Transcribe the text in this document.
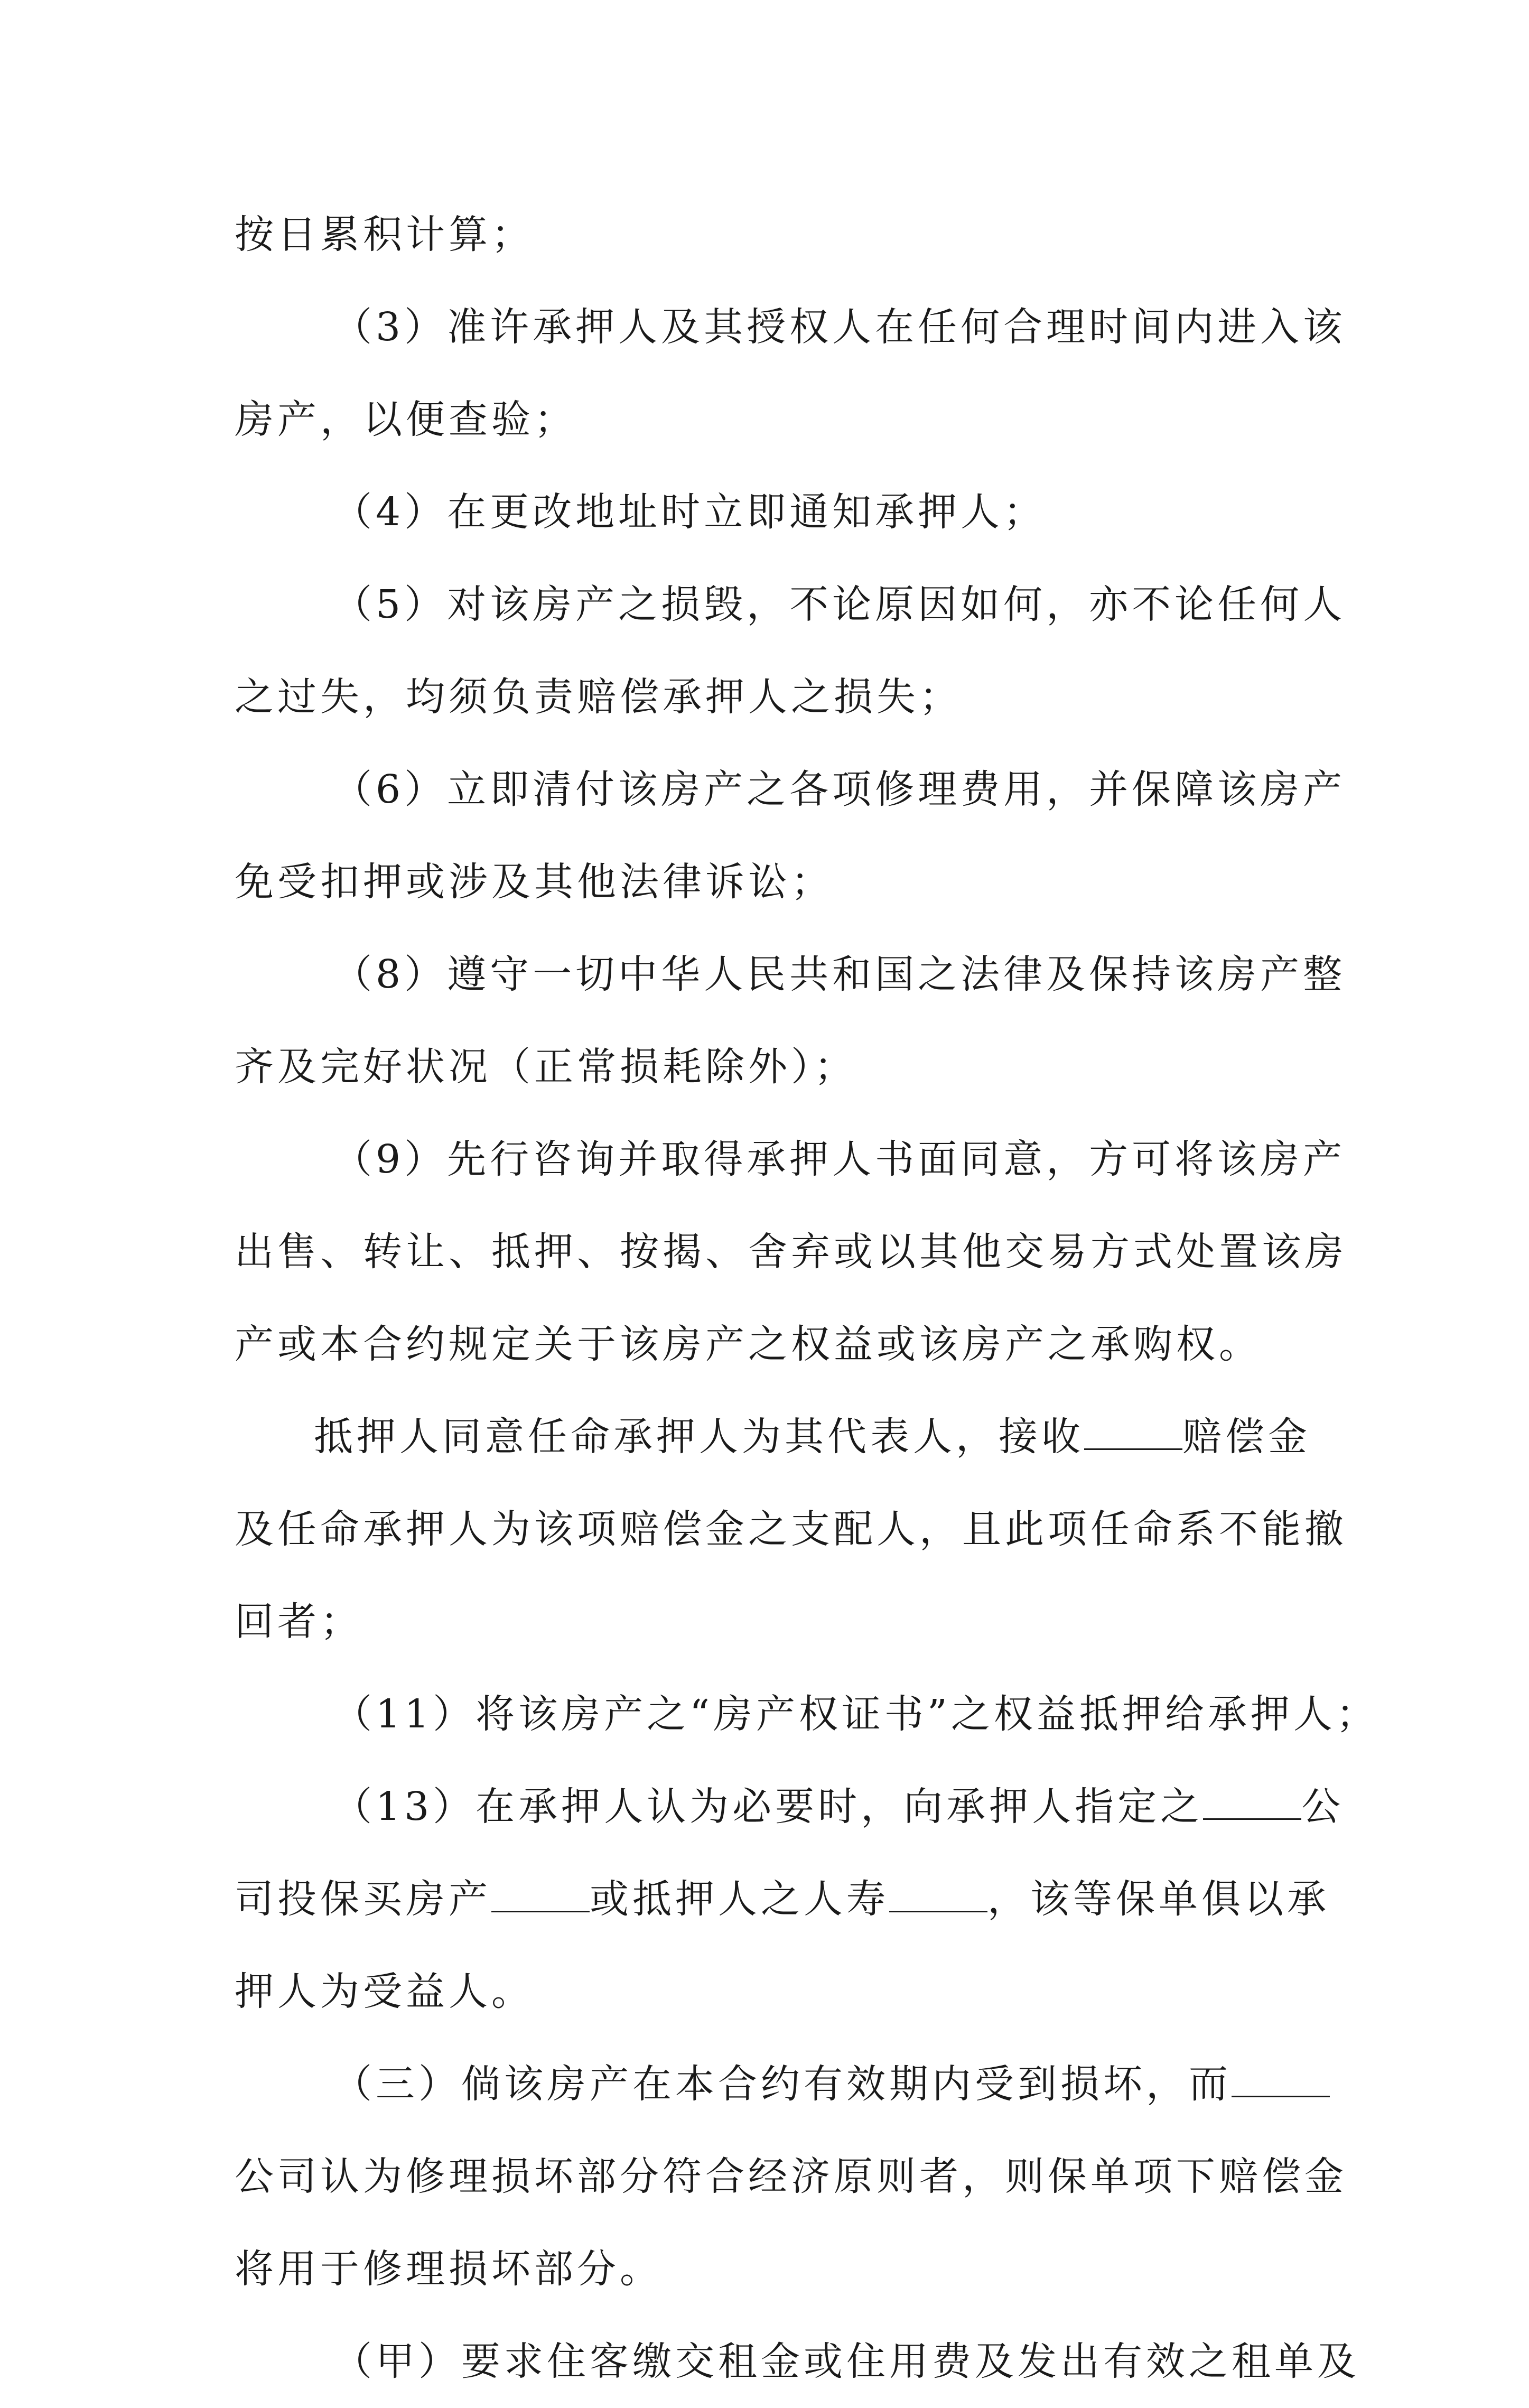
按日累积计算；
（3）准许承押人及其授权人在任何合理时间内进入该
房产，以便查验；
（4）在更改地址时立即通知承押人；
（5）对该房产之损毁，不论原因如何，亦不论任何人
之过失，均须负责赔偿承押人之损失；
（6）立即清付该房产之各项修理费用，并保障该房产
免受扣押或涉及其他法律诉讼；
（8）遵守一切中华人民共和国之法律及保持该房产整
齐及完好状况（正常损耗除外）；
（9）先行咨询并取得承押人书面同意，方可将该房产
出售、转让、抵押、按揭、舍弃或以其他交易方式处置该房
产或本合约规定关于该房产之权益或该房产之承购权。
抵押人同意任命承押人为其代表人，接收	赔偿金
及任命承押人为该项赔偿金之支配人，且此项任命系不能撤
回者；
（11）将该房产之“房产权证书”之权益抵押给承押人；
（13）在承押人认为必要时，向承押人指定之	公
司投保买房产	或抵押人之人寿	，该等保单俱以承
押人为受益人。
（三）倘该房产在本合约有效期内受到损坏，而
公司认为修理损坏部分符合经济原则者，则保单项下赔偿金
将用于修理损坏部分。
（甲）要求住客缴交租金或住用费及发出有效之租单及
